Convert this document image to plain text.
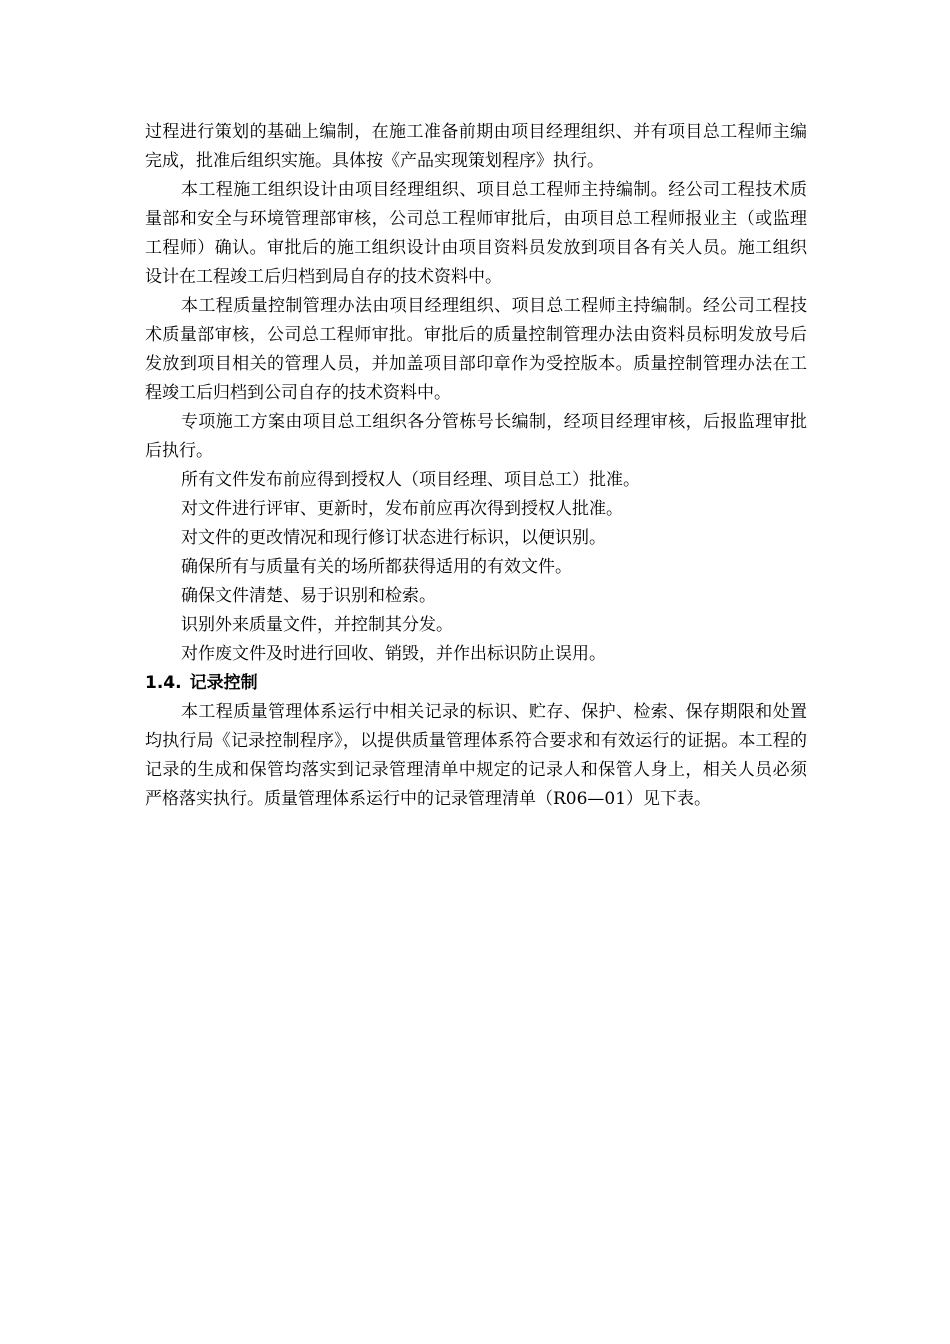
过程进行策划的基础上编制，在施工准备前期由项目经理组织、并有项目总工程师主编完成，批准后组织实施。具体按《产品实现策划程序》执行。

本工程施工组织设计由项目经理组织、项目总工程师主持编制。经公司工程技术质量部和安全与环境管理部审核，公司总工程师审批后，由项目总工程师报业主（或监理工程师）确认。审批后的施工组织设计由项目资料员发放到项目各有关人员。施工组织设计在工程竣工后归档到局自存的技术资料中。

本工程质量控制管理办法由项目经理组织、项目总工程师主持编制。经公司工程技术质量部审核，公司总工程师审批。审批后的质量控制管理办法由资料员标明发放号后发放到项目相关的管理人员，并加盖项目部印章作为受控版本。质量控制管理办法在工程竣工后归档到公司自存的技术资料中。

专项施工方案由项目总工组织各分管栋号长编制，经项目经理审核，后报监理审批后执行。

所有文件发布前应得到授权人（项目经理、项目总工）批准。

对文件进行评审、更新时，发布前应再次得到授权人批准。

对文件的更改情况和现行修订状态进行标识，以便识别。

确保所有与质量有关的场所都获得适用的有效文件。

确保文件清楚、易于识别和检索。

识别外来质量文件，并控制其分发。

对作废文件及时进行回收、销毁，并作出标识防止误用。

1.4. 记录控制

本工程质量管理体系运行中相关记录的标识、贮存、保护、检索、保存期限和处置均执行局《记录控制程序》，以提供质量管理体系符合要求和有效运行的证据。本工程的记录的生成和保管均落实到记录管理清单中规定的记录人和保管人身上，相关人员必须严格落实执行。质量管理体系运行中的记录管理清单（R06—01）见下表。
